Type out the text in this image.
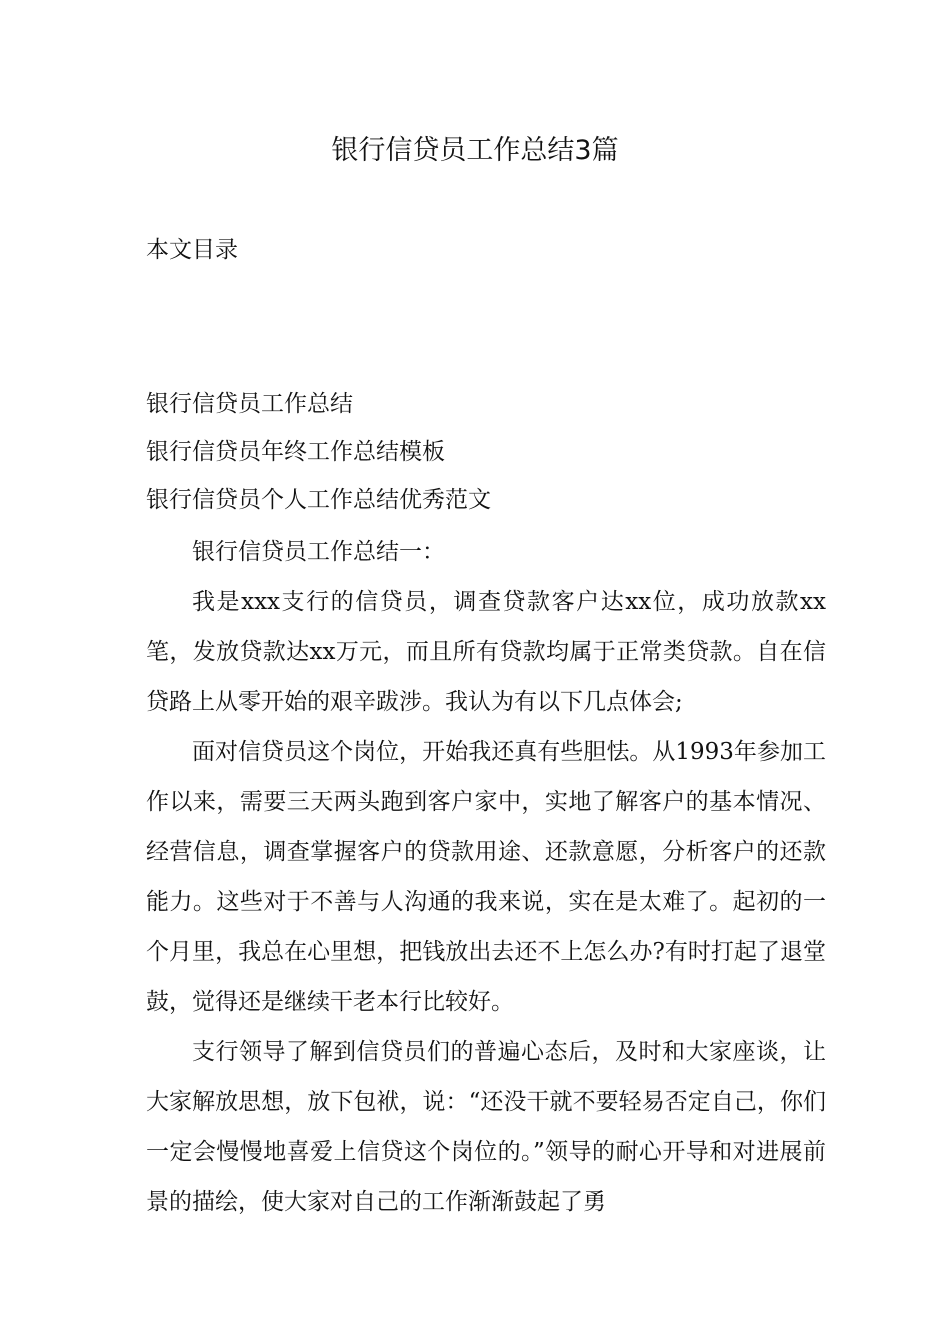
银行信贷员工作总结3篇
本文目录
银行信贷员工作总结
银行信贷员年终工作总结模板
银行信贷员个人工作总结优秀范文

银行信贷员工作总结一：

我是xxx支行的信贷员，调查贷款客户达xx位，成功放款xx笔，发放贷款达xx万元，而且所有贷款均属于正常类贷款。自在信贷路上从零开始的艰辛跋涉。我认为有以下几点体会;

面对信贷员这个岗位，开始我还真有些胆怯。从1993年参加工作以来，需要三天两头跑到客户家中，实地了解客户的基本情况、经营信息，调查掌握客户的贷款用途、还款意愿，分析客户的还款能力。这些对于不善与人沟通的我来说，实在是太难了。起初的一个月里，我总在心里想，把钱放出去还不上怎么办?有时打起了退堂鼓，觉得还是继续干老本行比较好。

支行领导了解到信贷员们的普遍心态后，及时和大家座谈，让大家解放思想，放下包袱，说：“还没干就不要轻易否定自己，你们一定会慢慢地喜爱上信贷这个岗位的。”领导的耐心开导和对进展前景的描绘，使大家对自己的工作渐渐鼓起了勇
